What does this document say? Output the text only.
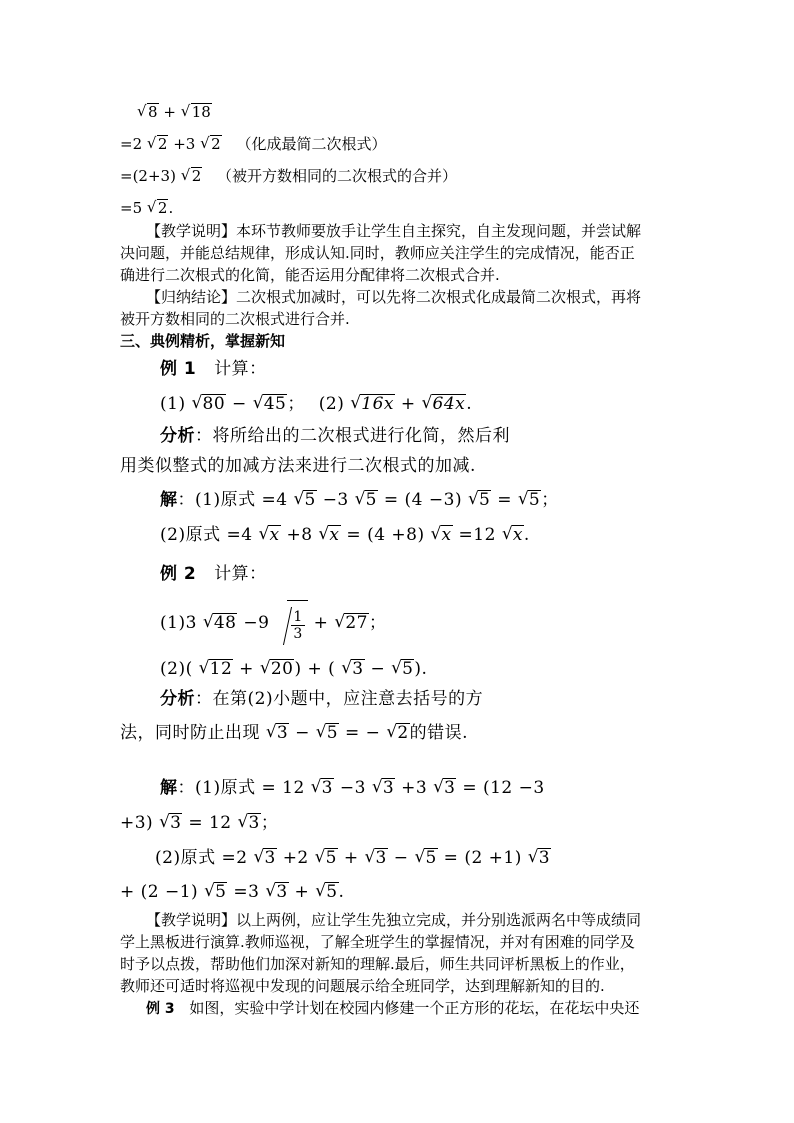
√ 8 + √ 18
=2 √ 2 +3 √ 2 （化成最简二次根式）
=(2+3) √ 2 （被开方数相同的二次根式的合并）
=5 √ 2.
【教学说明】本环节教师要放手让学生自主探究，自主发现问题，并尝试解
决问题，并能总结规律，形成认知.同时，教师应关注学生的完成情况，能否正
确进行二次根式的化简，能否运用分配律将二次根式合并.
【归纳结论】二次根式加减时，可以先将二次根式化成最简二次根式，再将
被开方数相同的二次根式进行合并.
三、典例精析，掌握新知
例 1 计算：
(1) √ 80 − √ 45； (2) √ 16x + √ 64x.
分析：将所给出的二次根式进行化简，然后利
用类似整式的加减方法来进行二次根式的加减.
解：(1)原式 =4 √ 5 −3 √ 5 = (4 −3) √ 5 = √ 5；
(2)原式 =4 √ x +8 √ x = (4 +8) √ x =12 √ x.
例 2 计算：
(1)3 √ $48 -9 \frac{1}{3}$ + √ 27；
(2)( √ 12 + √ 20) + ( √ 3 − √ 5).
分析：在第(2)小题中，应注意去括号的方
法，同时防止出现 √ 3 − √ 5 = − √ 2的错误.
解：(1)原式 = 12 √ 3 −3 √ 3 +3 √ 3 = (12 −3
+3) √ 3 = 12 √ 3；
(2)原式 =2 √ 3 +2 √ 5 + √ 3 − √ 5 = (2 +1) √ 3
+ (2 −1) √ 5 =3 √ 3 + √ 5.
【教学说明】以上两例，应让学生先独立完成，并分别选派两名中等成绩同
学上黑板进行演算.教师巡视，了解全班学生的掌握情况，并对有困难的同学及
时予以点拨，帮助他们加深对新知的理解.最后，师生共同评析黑板上的作业，
教师还可适时将巡视中发现的问题展示给全班同学，达到理解新知的目的.
例 3 如图，实验中学计划在校园内修建一个正方形的花坛，在花坛中央还
